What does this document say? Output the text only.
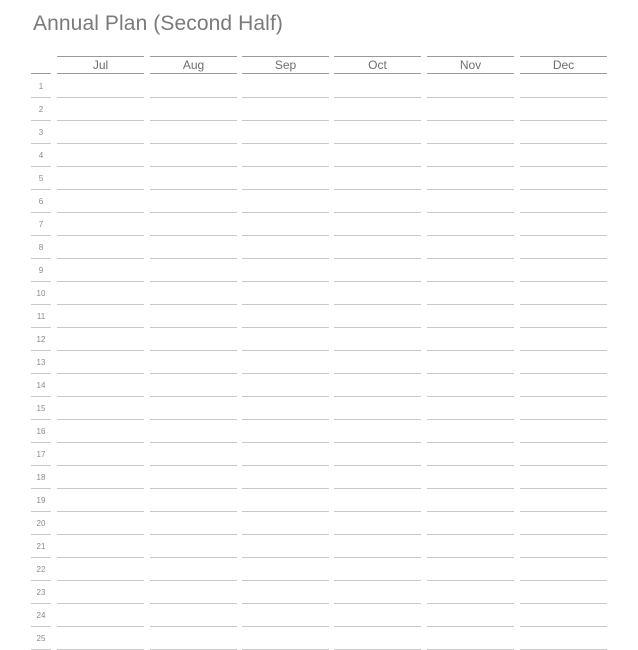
Annual Plan (Second Half)
Jul	Aug	Sep	Oct	Nov	Dec
1
2
3
4
5
6
7
8
9
10
11
12
13
14
15
16
17
18
19
20
21
22
23
24
25
